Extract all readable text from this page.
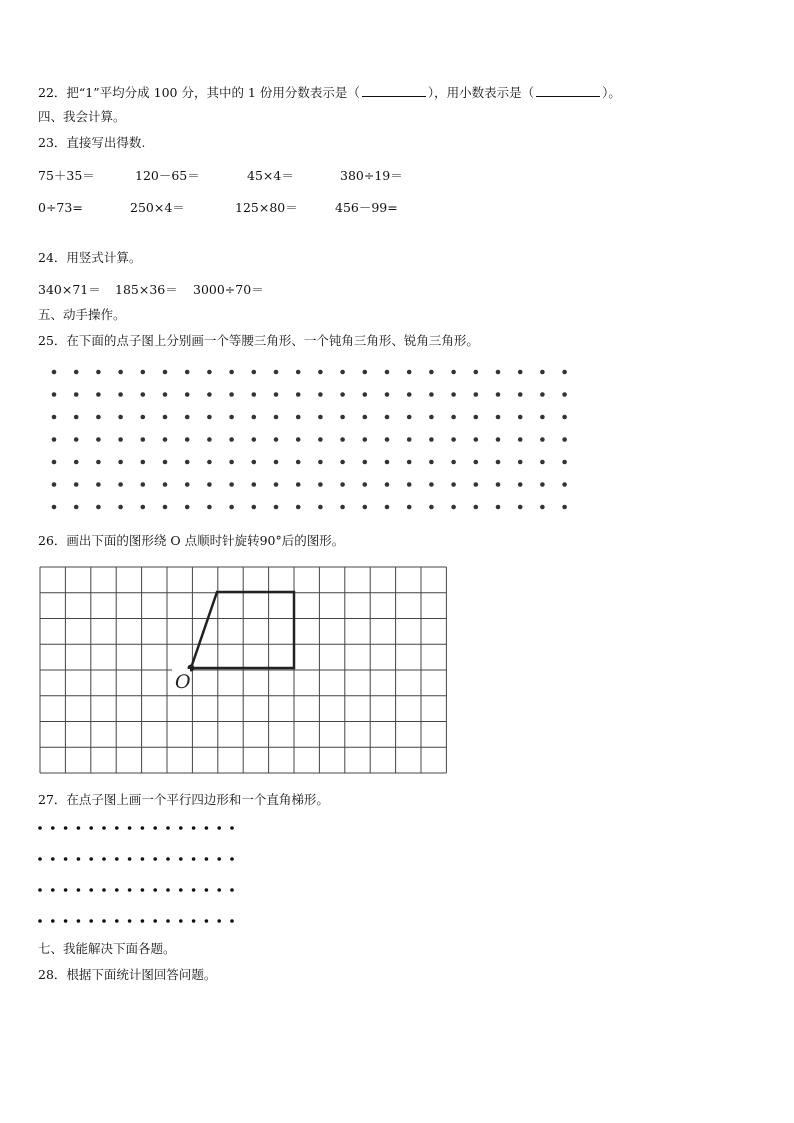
22．把“1”平均分成 100 分，其中的 1 份用分数表示是（	），用小数表示是（	）。
四、我会计算。
23．直接写出得数.
75＋35＝	120－65＝	45×4＝	380÷19＝
0÷73=	250×4＝	125×80＝	456－99=
24．用竖式计算。
340×71＝ 185×36＝ 3000÷70＝
五、动手操作。
25．在下面的点子图上分别画一个等腰三角形、一个钝角三角形、锐角三角形。
26．画出下面的图形绕 O 点顺时针旋转90°后的图形。
O
27．在点子图上画一个平行四边形和一个直角梯形。
七、我能解决下面各题。
28．根据下面统计图回答问题。
